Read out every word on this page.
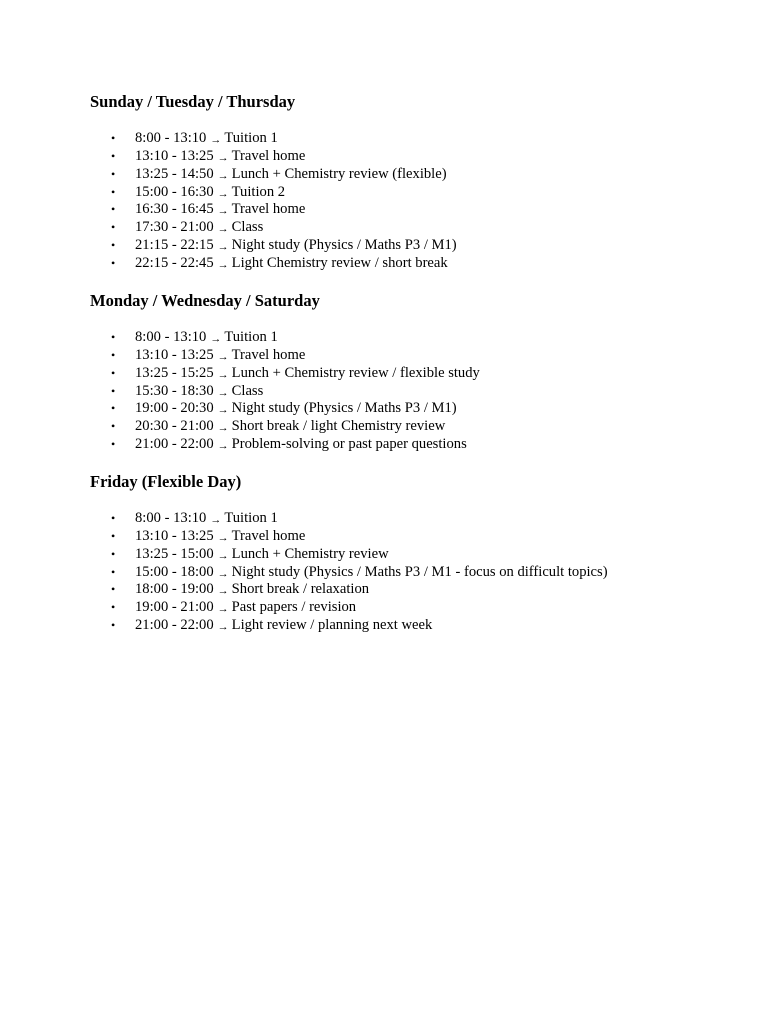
Sunday / Tuesday / Thursday
• 8:00 - 13:10 → Tuition 1
• 13:10 - 13:25 → Travel home
• 13:25 - 14:50 → Lunch + Chemistry review (flexible)
• 15:00 - 16:30 → Tuition 2
• 16:30 - 16:45 → Travel home
• 17:30 - 21:00 → Class
• 21:15 - 22:15 → Night study (Physics / Maths P3 / M1)
• 22:15 - 22:45 → Light Chemistry review / short break
Monday / Wednesday / Saturday
• 8:00 - 13:10 → Tuition 1
• 13:10 - 13:25 → Travel home
• 13:25 - 15:25 → Lunch + Chemistry review / flexible study
• 15:30 - 18:30 → Class
• 19:00 - 20:30 → Night study (Physics / Maths P3 / M1)
• 20:30 - 21:00 → Short break / light Chemistry review
• 21:00 - 22:00 → Problem-solving or past paper questions
Friday (Flexible Day)
• 8:00 - 13:10 → Tuition 1
• 13:10 - 13:25 → Travel home
• 13:25 - 15:00 → Lunch + Chemistry review
• 15:00 - 18:00 → Night study (Physics / Maths P3 / M1 - focus on difficult topics)
• 18:00 - 19:00 → Short break / relaxation
• 19:00 - 21:00 → Past papers / revision
• 21:00 - 22:00 → Light review / planning next week
